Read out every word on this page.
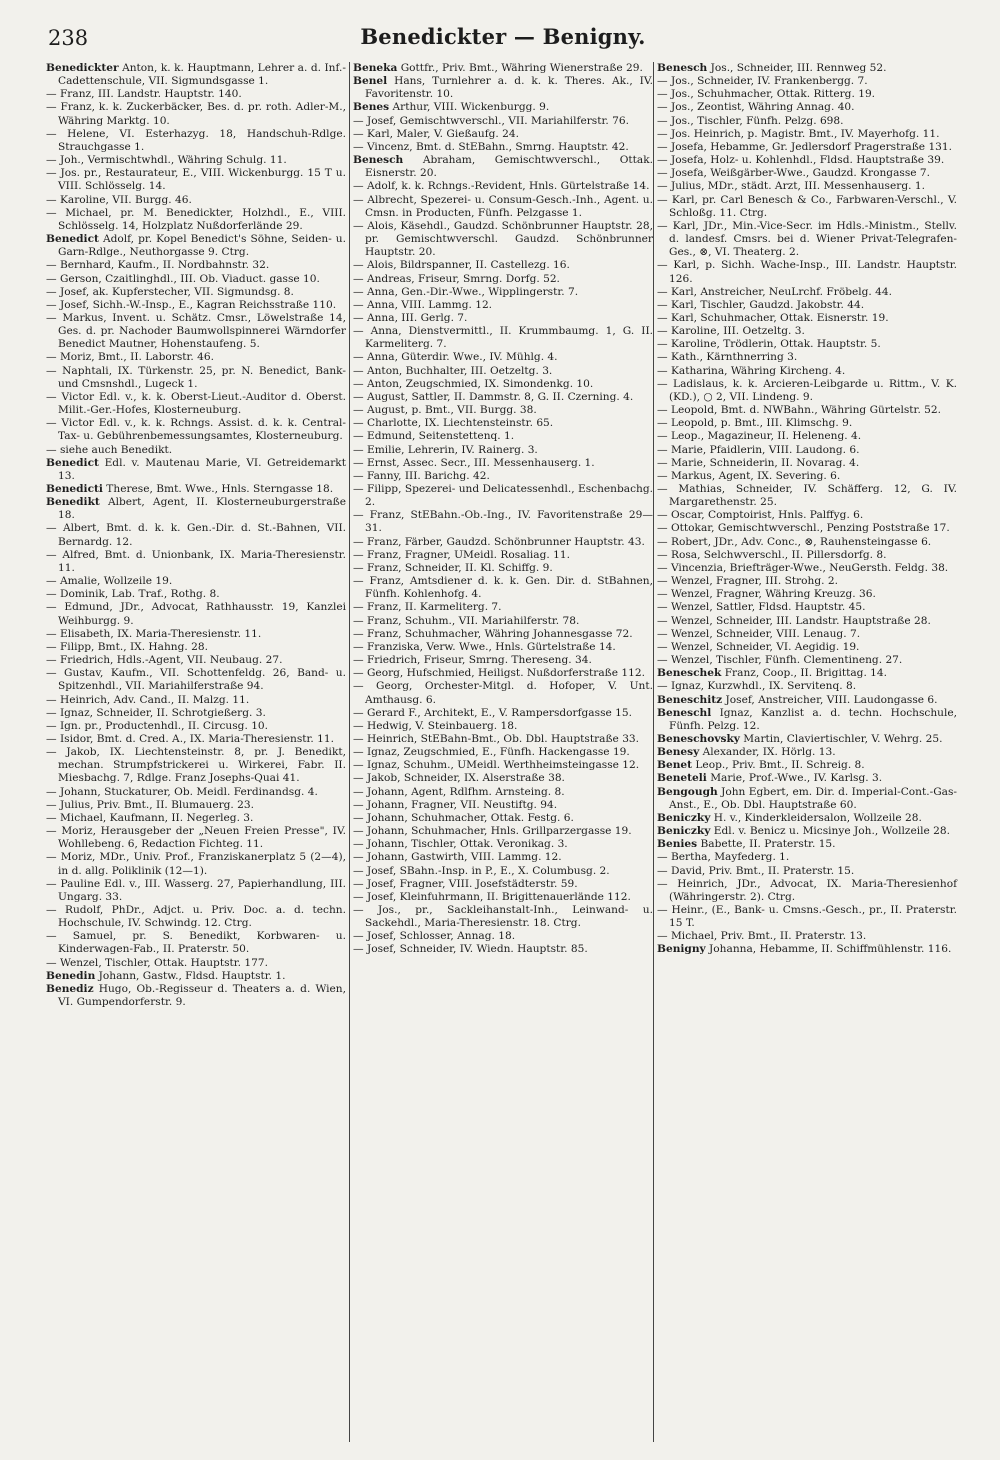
238	Benedickter — Benigny.
Benedickter Anton, k. k. Hauptmann, Lehrer a. d. Inf.-Cadettenschule, VII. Sigmundsgasse 1.
— Franz, III. Landstr. Hauptstr. 140.
— Franz, k. k. Zuckerbäcker, Bes. d. pr. roth. Adler-M., Währing Marktg. 10.
— Helene, VI. Esterhazyg. 18, Handschuh-Rdlge. Strauchgasse 1.
— Joh., Vermischtwhdl., Währing Schulg. 11.
— Jos. pr., Restaurateur, E., VIII. Wickenburgg. 15 T u. VIII. Schlösselg. 14.
— Karoline, VII. Burgg. 46.
— Michael, pr. M. Benedickter, Holzhdl., E., VIII. Schlösselg. 14, Holzplatz Nußdorferlände 29.
Benedict Adolf, pr. Kopel Benedict's Söhne, Seiden- u. Garn-Rdlge., Neuthorgasse 9. Ctrg.
— Bernhard, Kaufm., II. Nordbahnstr. 32.
— Gerson, Czaitlinghdl., III. Ob. Viaduct. gasse 10.
— Josef, ak. Kupferstecher, VII. Sigmundsg. 8.
— Josef, Sichh.-W.-Insp., E., Kagran Reichsstraße 110.
— Markus, Invent. u. Schätz. Cmsr., Löwelstraße 14, Ges. d. pr. Nachoder Baumwollspinnerei Wärndorfer Benedict Mautner, Hohenstaufeng. 5.
— Moriz, Bmt., II. Laborstr. 46.
— Naphtali, IX. Türkenstr. 25, pr. N. Benedict, Bank- und Cmsnshdl., Lugeck 1.
— Victor Edl. v., k. k. Oberst-Lieut.-Auditor d. Oberst. Milit.-Ger.-Hofes, Klosterneuburg.
— Victor Edl. v., k. k. Rchngs. Assist. d. k. k. Central-Tax- u. Gebührenbemessungsamtes, Klosterneuburg.
— siehe auch Benedikt.
Benedict Edl. v. Mautenau Marie, VI. Getreidemarkt 13.
Benedicti Therese, Bmt. Wwe., Hnls. Sterngasse 18.
Benedikt Albert, Agent, II. Klosterneuburgerstraße 18.
— Albert, Bmt. d. k. k. Gen.-Dir. d. St.-Bahnen, VII. Bernardg. 12.
— Alfred, Bmt. d. Unionbank, IX. Maria-Theresienstr. 11.
— Amalie, Wollzeile 19.
— Dominik, Lab. Traf., Rothg. 8.
— Edmund, JDr., Advocat, Rathhausstr. 19, Kanzlei Weihburgg. 9.
— Elisabeth, IX. Maria-Theresienstr. 11.
— Filipp, Bmt., IX. Hahng. 28.
— Friedrich, Hdls.-Agent, VII. Neubaug. 27.
— Gustav, Kaufm., VII. Schottenfeldg. 26, Band- u. Spitzenhdl., VII. Mariahilferstraße 94.
— Heinrich, Adv. Cand., II. Malzg. 11.
— Ignaz, Schneider, II. Schrotgießerg. 3.
— Ign. pr., Productenhdl., II. Circusg. 10.
— Isidor, Bmt. d. Cred. A., IX. Maria-Theresienstr. 11.
— Jakob, IX. Liechtensteinstr. 8, pr. J. Benedikt, mechan. Strumpfstrickerei u. Wirkerei, Fabr. II. Miesbachg. 7, Rdlge. Franz Josephs-Quai 41.
— Johann, Stuckaturer, Ob. Meidl. Ferdinandsg. 4.
— Julius, Priv. Bmt., II. Blumauerg. 23.
— Michael, Kaufmann, II. Negerleg. 3.
— Moriz, Herausgeber der „Neuen Freien Presse", IV. Wohllebeng. 6, Redaction Fichteg. 11.
— Moriz, MDr., Univ. Prof., Franziskanerplatz 5 (2—4), in d. allg. Poliklinik (12—1).
— Pauline Edl. v., III. Wasserg. 27, Papierhandlung, III. Ungarg. 33.
— Rudolf, PhDr., Adjct. u. Priv. Doc. a. d. techn. Hochschule, IV. Schwindg. 12. Ctrg.
— Samuel, pr. S. Benedikt, Korbwaren- u. Kinderwagen-Fab., II. Praterstr. 50.
— Wenzel, Tischler, Ottak. Hauptstr. 177.
Benedin Johann, Gastw., Fldsd. Hauptstr. 1.
Benediz Hugo, Ob.-Regisseur d. Theaters a. d. Wien, VI. Gumpendorferstr. 9.
Beneka Gottfr., Priv. Bmt., Währing Wienerstraße 29.
Benel Hans, Turnlehrer a. d. k. k. Theres. Ak., IV. Favoritenstr. 10.
Benes Arthur, VIII. Wickenburgg. 9.
— Josef, Gemischtwverschl., VII. Mariahilferstr. 76.
— Karl, Maler, V. Gießaufg. 24.
— Vincenz, Bmt. d. StEBahn., Smrng. Hauptstr. 42.
Benesch Abraham, Gemischtwverschl., Ottak. Eisnerstr. 20.
— Adolf, k. k. Rchngs.-Revident, Hnls. Gürtelstraße 14.
— Albrecht, Spezerei- u. Consum-Gesch.-Inh., Agent. u. Cmsn. in Producten, Fünfh. Pelzgasse 1.
— Alois, Käsehdl., Gaudzd. Schönbrunner Hauptstr. 28, pr. Gemischtwverschl. Gaudzd. Schönbrunner Hauptstr. 20.
— Alois, Bildrspanner, II. Castellezg. 16.
— Andreas, Friseur, Smrng. Dorfg. 52.
— Anna, Gen.-Dir.-Wwe., Wipplingerstr. 7.
— Anna, VIII. Lammg. 12.
— Anna, III. Gerlg. 7.
— Anna, Dienstvermittl., II. Krummbaumg. 1, G. II. Karmeliterg. 7.
— Anna, Güterdir. Wwe., IV. Mühlg. 4.
— Anton, Buchhalter, III. Oetzeltg. 3.
— Anton, Zeugschmied, IX. Simondenkg. 10.
— August, Sattler, II. Dammstr. 8, G. II. Czerning. 4.
— August, p. Bmt., VII. Burgg. 38.
— Charlotte, IX. Liechtensteinstr. 65.
— Edmund, Seitenstettenq. 1.
— Emilie, Lehrerin, IV. Rainerg. 3.
— Ernst, Assec. Secr., III. Messenhauserg. 1.
— Fanny, III. Barichg. 42.
— Filipp, Spezerei- und Delicatessenhdl., Eschenbachg. 2.
— Franz, StEBahn.-Ob.-Ing., IV. Favoritenstraße 29—31.
— Franz, Färber, Gaudzd. Schönbrunner Hauptstr. 43.
— Franz, Fragner, UMeidl. Rosaliag. 11.
— Franz, Schneider, II. Kl. Schiffg. 9.
— Franz, Amtsdiener d. k. k. Gen. Dir. d. StBahnen, Fünfh. Kohlenhofg. 4.
— Franz, II. Karmeliterg. 7.
— Franz, Schuhm., VII. Mariahilferstr. 78.
— Franz, Schuhmacher, Währing Johannesgasse 72.
— Franziska, Verw. Wwe., Hnls. Gürtelstraße 14.
— Friedrich, Friseur, Smrng. Thereseng. 34.
— Georg, Hufschmied, Heiligst. Nußdorferstraße 112.
— Georg, Orchester-Mitgl. d. Hofoper, V. Unt. Amthausg. 6.
— Gerard F., Architekt, E., V. Rampersdorfgasse 15.
— Hedwig, V. Steinbauerg. 18.
— Heinrich, StEBahn-Bmt., Ob. Dbl. Hauptstraße 33.
— Ignaz, Zeugschmied, E., Fünfh. Hackengasse 19.
— Ignaz, Schuhm., UMeidl. Werthheimsteingasse 12.
— Jakob, Schneider, IX. Alserstraße 38.
— Johann, Agent, Rdlfhm. Arnsteing. 8.
— Johann, Fragner, VII. Neustiftg. 94.
— Johann, Schuhmacher, Ottak. Festg. 6.
— Johann, Schuhmacher, Hnls. Grillparzergasse 19.
— Johann, Tischler, Ottak. Veronikag. 3.
— Johann, Gastwirth, VIII. Lammg. 12.
— Josef, SBahn.-Insp. in P., E., X. Columbusg. 2.
— Josef, Fragner, VIII. Josefstädterstr. 59.
— Josef, Kleinfuhrmann, II. Brigittenauerlände 112.
— Jos., pr., Sackleihanstalt-Inh., Leinwand- u. Sackehdl., Maria-Theresienstr. 18. Ctrg.
— Josef, Schlosser, Annag. 18.
— Josef, Schneider, IV. Wiedn. Hauptstr. 85.
Benesch Jos., Schneider, III. Rennweg 52.
— Jos., Schneider, IV. Frankenbergg. 7.
— Jos., Schuhmacher, Ottak. Ritterg. 19.
— Jos., Zeontist, Währing Annag. 40.
— Jos., Tischler, Fünfh. Pelzg. 698.
— Jos. Heinrich, p. Magistr. Bmt., IV. Mayerhofg. 11.
— Josefa, Hebamme, Gr. Jedlersdorf Pragerstraße 131.
— Josefa, Holz- u. Kohlenhdl., Fldsd. Hauptstraße 39.
— Josefa, Weißgärber-Wwe., Gaudzd. Krongasse 7.
— Julius, MDr., städt. Arzt, III. Messenhauserg. 1.
— Karl, pr. Carl Benesch & Co., Farbwaren-Verschl., V. Schloßg. 11. Ctrg.
— Karl, JDr., Min.-Vice-Secr. im Hdls.-Ministm., Stellv. d. landesf. Cmsrs. bei d. Wiener Privat-Telegrafen-Ges., ⊗, VI. Theaterg. 2.
— Karl, p. Sichh. Wache-Insp., III. Landstr. Hauptstr. 126.
— Karl, Anstreicher, NeuLrchf. Fröbelg. 44.
— Karl, Tischler, Gaudzd. Jakobstr. 44.
— Karl, Schuhmacher, Ottak. Eisnerstr. 19.
— Karoline, III. Oetzeltg. 3.
— Karoline, Trödlerin, Ottak. Hauptstr. 5.
— Kath., Kärnthnerring 3.
— Katharina, Währing Kircheng. 4.
— Ladislaus, k. k. Arcieren-Leibgarde u. Rittm., V. K. (KD.), ○ 2, VII. Lindeng. 9.
— Leopold, Bmt. d. NWBahn., Währing Gürtelstr. 52.
— Leopold, p. Bmt., III. Klimschg. 9.
— Leop., Magazineur, II. Heleneng. 4.
— Marie, Pfaidlerin, VIII. Laudong. 6.
— Marie, Schneiderin, II. Novarag. 4.
— Markus, Agent, IX. Severing. 6.
— Mathias, Schneider, IV. Schäfferg. 12, G. IV. Margarethenstr. 25.
— Oscar, Comptoirist, Hnls. Palffyg. 6.
— Ottokar, Gemischtwverschl., Penzing Poststraße 17.
— Robert, JDr., Adv. Conc., ⊗, Rauhensteingasse 6.
— Rosa, Selchwverschl., II. Pillersdorfg. 8.
— Vincenzia, Briefträger-Wwe., NeuGersth. Feldg. 38.
— Wenzel, Fragner, III. Strohg. 2.
— Wenzel, Fragner, Währing Kreuzg. 36.
— Wenzel, Sattler, Fldsd. Hauptstr. 45.
— Wenzel, Schneider, III. Landstr. Hauptstraße 28.
— Wenzel, Schneider, VIII. Lenaug. 7.
— Wenzel, Schneider, VI. Aegidig. 19.
— Wenzel, Tischler, Fünfh. Clementineng. 27.
Beneschek Franz, Coop., II. Brigittag. 14.
— Ignaz, Kurzwhdl., IX. Servitenq. 8.
Beneschitz Josef, Anstreicher, VIII. Laudongasse 6.
Beneschl Ignaz, Kanzlist a. d. techn. Hochschule, Fünfh. Pelzg. 12.
Beneschovsky Martin, Claviertischler, V. Wehrg. 25.
Benesy Alexander, IX. Hörlg. 13.
Benet Leop., Priv. Bmt., II. Schreig. 8.
Beneteli Marie, Prof.-Wwe., IV. Karlsg. 3.
Bengough John Egbert, em. Dir. d. Imperial-Cont.-Gas-Anst., E., Ob. Dbl. Hauptstraße 60.
Beniczky H. v., Kinderkleidersalon, Wollzeile 28.
Beniczky Edl. v. Benicz u. Micsinye Joh., Wollzeile 28.
Benies Babette, II. Praterstr. 15.
— Bertha, Mayfederg. 1.
— David, Priv. Bmt., II. Praterstr. 15.
— Heinrich, JDr., Advocat, IX. Maria-Theresienhof (Währingerstr. 2). Ctrg.
— Heinr., (E., Bank- u. Cmsns.-Gesch., pr., II. Praterstr. 15 T.
— Michael, Priv. Bmt., II. Praterstr. 13.
Benigny Johanna, Hebamme, II. Schiffmühlenstr. 116.
